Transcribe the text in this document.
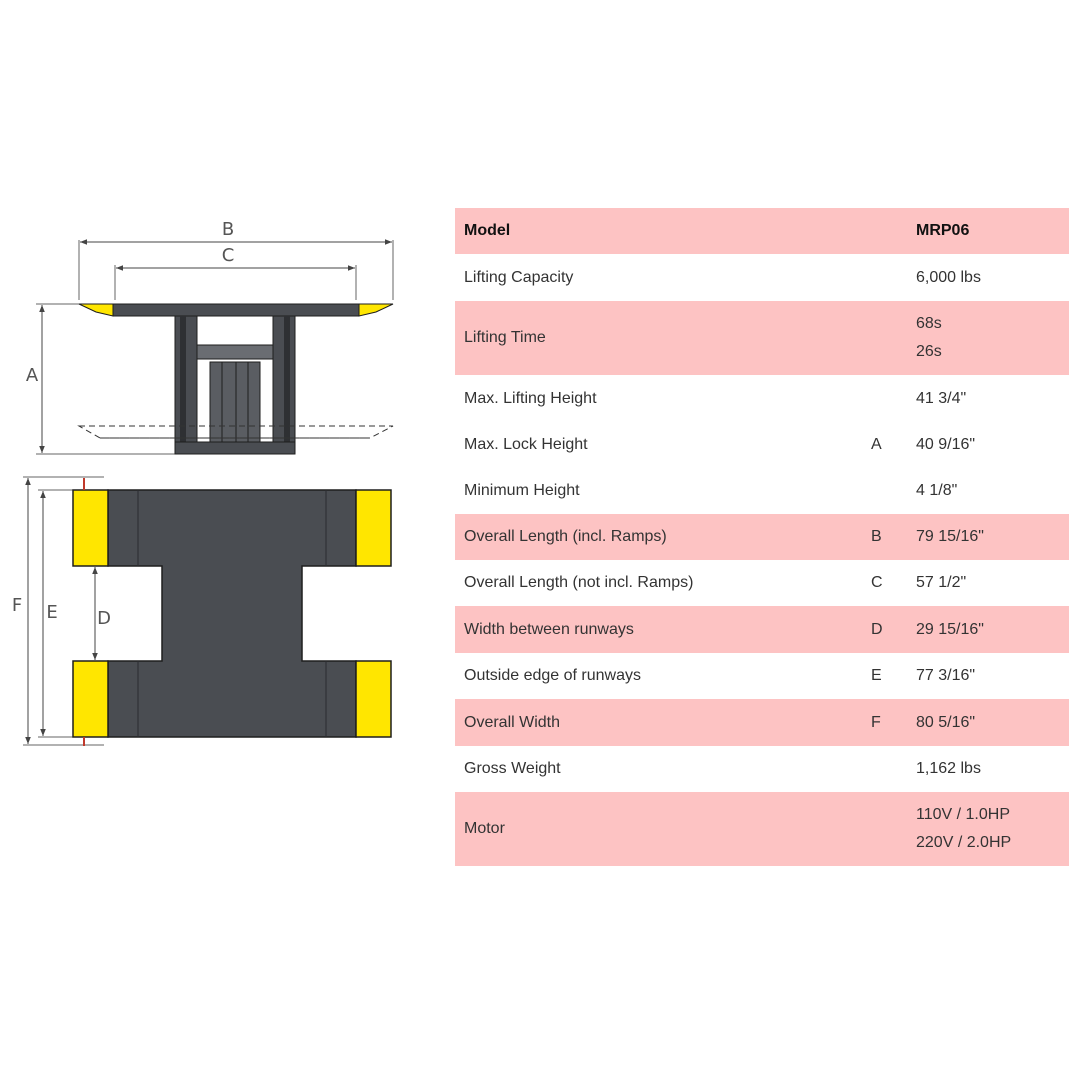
B
C
A
F E D
Model		MRP06
Lifting Capacity		6,000 lbs
Lifting Time		68s
26s

Max. Lifting Height		41 3/4"
Max. Lock Height	A	40 9/16"
Minimum Height		4 1/8"
Overall Length (incl. Ramps)	B	79 15/16"
Overall Length (not incl. Ramps)	C	57 1/2"
Width between runways	D	29 15/16"
Outside edge of runways	E	77 3/16"
Overall Width	F	80 5/16"
Gross Weight		1,162 lbs
Motor		110V / 1.0HP
220V / 2.0HP
